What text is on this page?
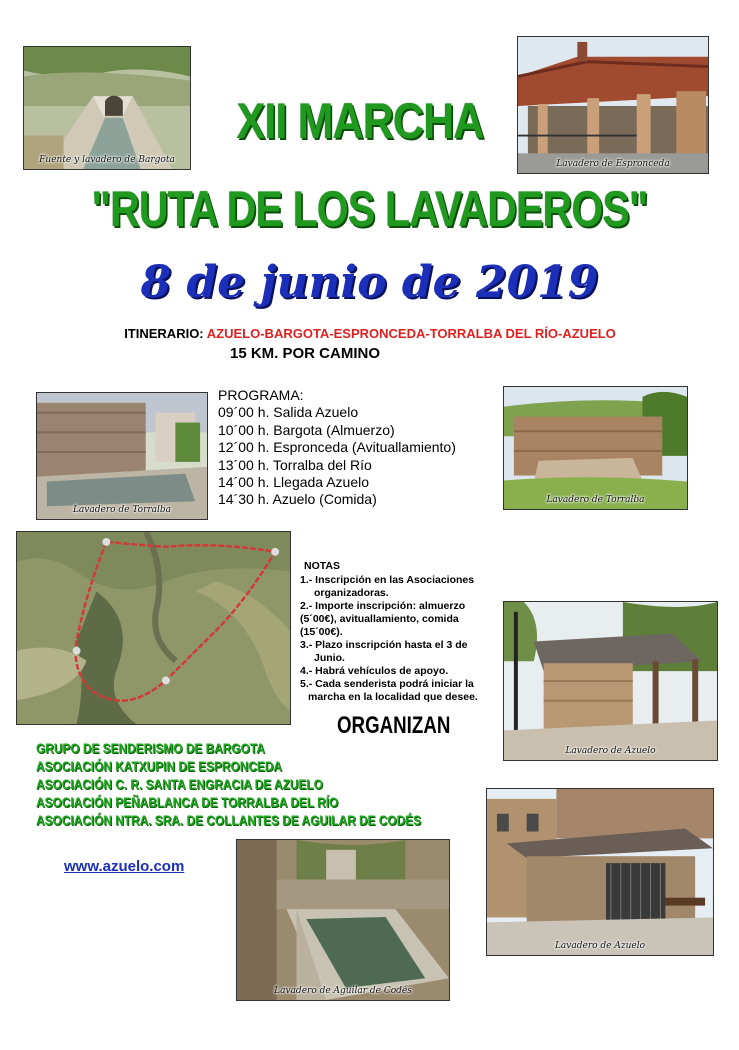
Fuente y lavadero de Bargota	Lavadero de Espronceda
XII MARCHA
"RUTA DE LOS LAVADEROS"
8 de junio de 2019
ITINERARIO: AZUELO-BARGOTA-ESPRONCEDA-TORRALBA DEL RÍO-AZUELO
15 KM. POR CAMINO
Lavadero de Torralba
PROGRAMA:
09´00 h. Salida Azuelo
10´00 h. Bargota (Almuerzo)
12´00 h. Espronceda (Avituallamiento)
13´00 h. Torralba del Río
14´00 h. Llegada Azuelo
14´30 h. Azuelo (Comida)	Lavadero de Torralba
NOTAS
1.- Inscripción en las Asociaciones
organizadoras.
2.- Importe inscripción: almuerzo
(5´00€), avituallamiento, comida
(15´00€).
3.- Plazo inscripción hasta el 3 de
Junio.
4.- Habrá vehículos de apoyo.
5.- Cada senderista podrá iniciar la
marcha en la localidad que desee.
Lavadero de Azuelo
ORGANIZAN
GRUPO DE SENDERISMO DE BARGOTA
ASOCIACIÓN KATXUPIN DE ESPRONCEDA
ASOCIACIÓN C. R. SANTA ENGRACIA DE AZUELO
ASOCIACIÓN PEÑABLANCA DE TORRALBA DEL RÍO
ASOCIACIÓN NTRA. SRA. DE COLLANTES DE AGUILAR DE CODÉS
Lavadero de Azuelo
www.azuelo.com
Lavadero de Aguilar de Codés
